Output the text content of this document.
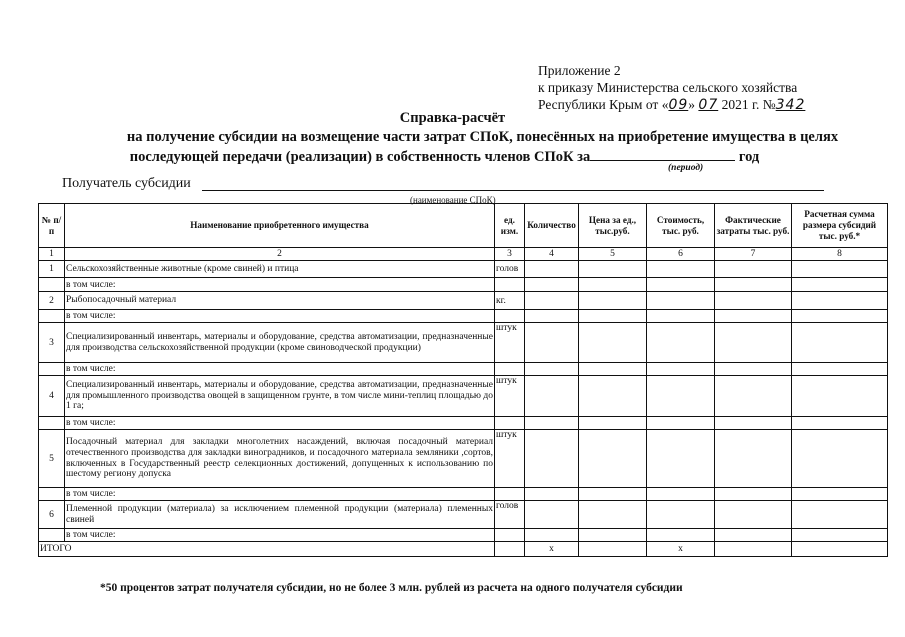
Приложение 2
к приказу Министерства сельского хозяйства
Республики Крым от «09» 07 2021 г. №342
Справка-расчёт
на получение субсидии на возмещение части затрат СПоК, понесённых на приобретение имущества в целях
последующей передачи (реализации) в собственность членов СПоК за	год
(период)
Получатель субсидии
(наименование СПоК)
№ п/п	Наименование приобретенного имущества	ед. изм.	Количество	Цена за ед., тыс.руб.	Стоимость, тыс. руб.	Фактические затраты тыс. руб.	Расчетная сумма размера субсидий тыс. руб.*
1	2	3	4	5	6	7	8
1	Сельскохозяйственные животные (кроме свиней) и птица	голов					
	в том числе:						
2	Рыбопосадочный материал	кг.					
	в том числе:						
3	Специализированный инвентарь, материалы и оборудование, средства автоматизации, предназначенные для производства сельскохозяйственной продукции (кроме свиноводческой продукции)	штук					
	в том числе:						
4	Специализированный инвентарь, материалы и оборудование, средства автоматизации, предназначенные для промышленного производства овощей в защищенном грунте, в том числе мини-теплиц площадью до 1 га;	штук					
	в том числе:						
5	Посадочный материал для закладки многолетних насаждений, включая посадочный материал отечественного производства для закладки виноградников, и посадочного материала земляники ,сортов, включенных в Государственный реестр селекционных достижений, допущенных к использованию по шестому региону допуска	штук					
	в том числе:						
6	Племенной продукции (материала) за исключением племенной продукции (материала) племенных свиней	голов					
	в том числе:						
ИТОГО			x		x		
*50 процентов затрат получателя субсидии, но не более 3 млн. рублей из расчета на одного получателя субсидии
